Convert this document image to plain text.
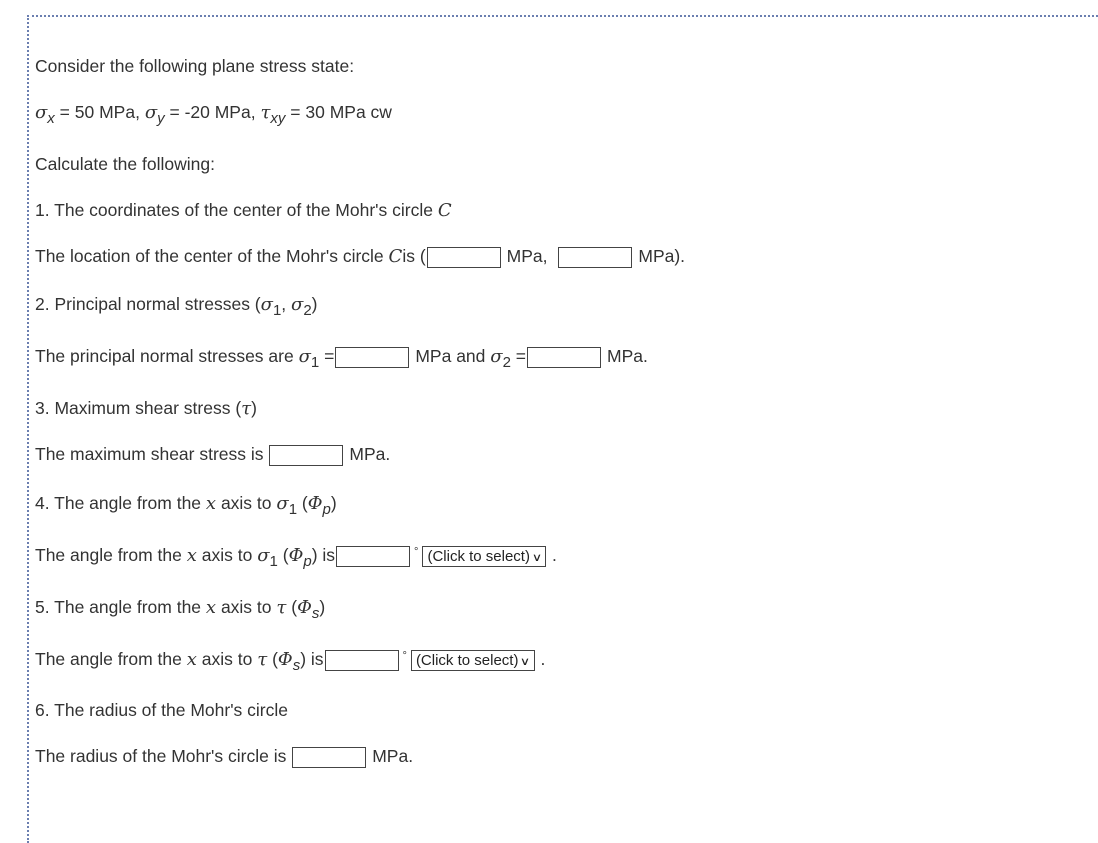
Consider the following plane stress state:
σx = 50 MPa, σy = -20 MPa, τxy = 30 MPa cw
Calculate the following:
1. The coordinates of the center of the Mohr's circle C
The location of the center of the Mohr's circle Cis (	MPa,	MPa).
2. Principal normal stresses (σ1, σ2)
The principal normal stresses are σ1 =	MPa and σ2 =	MPa.
3. Maximum shear stress (τ)
The maximum shear stress is	MPa.
4. The angle from the x axis to σ1 (Φp)
The angle from the x axis to σ1 (Φp) is	° (Click to select) ∨ .
5. The angle from the x axis to τ (Φs)
The angle from the x axis to τ (Φs) is	° (Click to select) ∨ .
6. The radius of the Mohr's circle
The radius of the Mohr's circle is	MPa.
